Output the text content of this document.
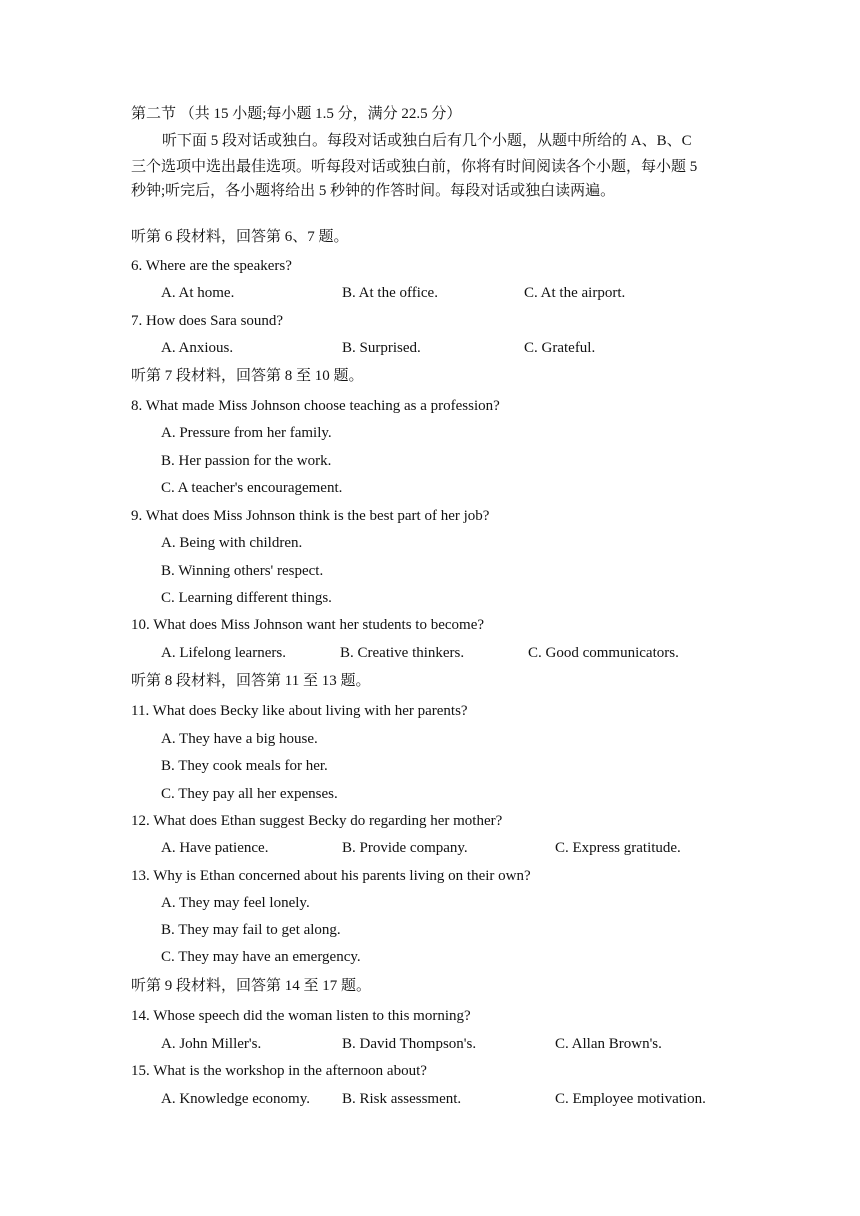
第二节 （共 15 小题;每小题 1.5 分，满分 22.5 分）
听下面 5 段对话或独白。每段对话或独白后有几个小题，从题中所给的 A、B、C
三个选项中选出最佳选项。听每段对话或独白前，你将有时间阅读各个小题，每小题 5
秒钟;听完后，各小题将给出 5 秒钟的作答时间。每段对话或独白读两遍。
听第 6 段材料，回答第 6、7 题。
6. Where are the speakers?
A. At home.	B. At the office.	C. At the airport.
7. How does Sara sound?
A. Anxious.	B. Surprised.	C. Grateful.
听第 7 段材料，回答第 8 至 10 题。
8. What made Miss Johnson choose teaching as a profession?
A. Pressure from her family.
B. Her passion for the work.
C. A teacher's encouragement.
9. What does Miss Johnson think is the best part of her job?
A. Being with children.
B. Winning others' respect.
C. Learning different things.
10. What does Miss Johnson want her students to become?
A. Lifelong learners.	B. Creative thinkers.	C. Good communicators.
听第 8 段材料，回答第 11 至 13 题。
11. What does Becky like about living with her parents?
A. They have a big house.
B. They cook meals for her.
C. They pay all her expenses.
12. What does Ethan suggest Becky do regarding her mother?
A. Have patience.	B. Provide company.	C. Express gratitude.
13. Why is Ethan concerned about his parents living on their own?
A. They may feel lonely.
B. They may fail to get along.
C. They may have an emergency.
听第 9 段材料，回答第 14 至 17 题。
14. Whose speech did the woman listen to this morning?
A. John Miller's.	B. David Thompson's.	C. Allan Brown's.
15. What is the workshop in the afternoon about?
A. Knowledge economy. B. Risk assessment.	C. Employee motivation.
